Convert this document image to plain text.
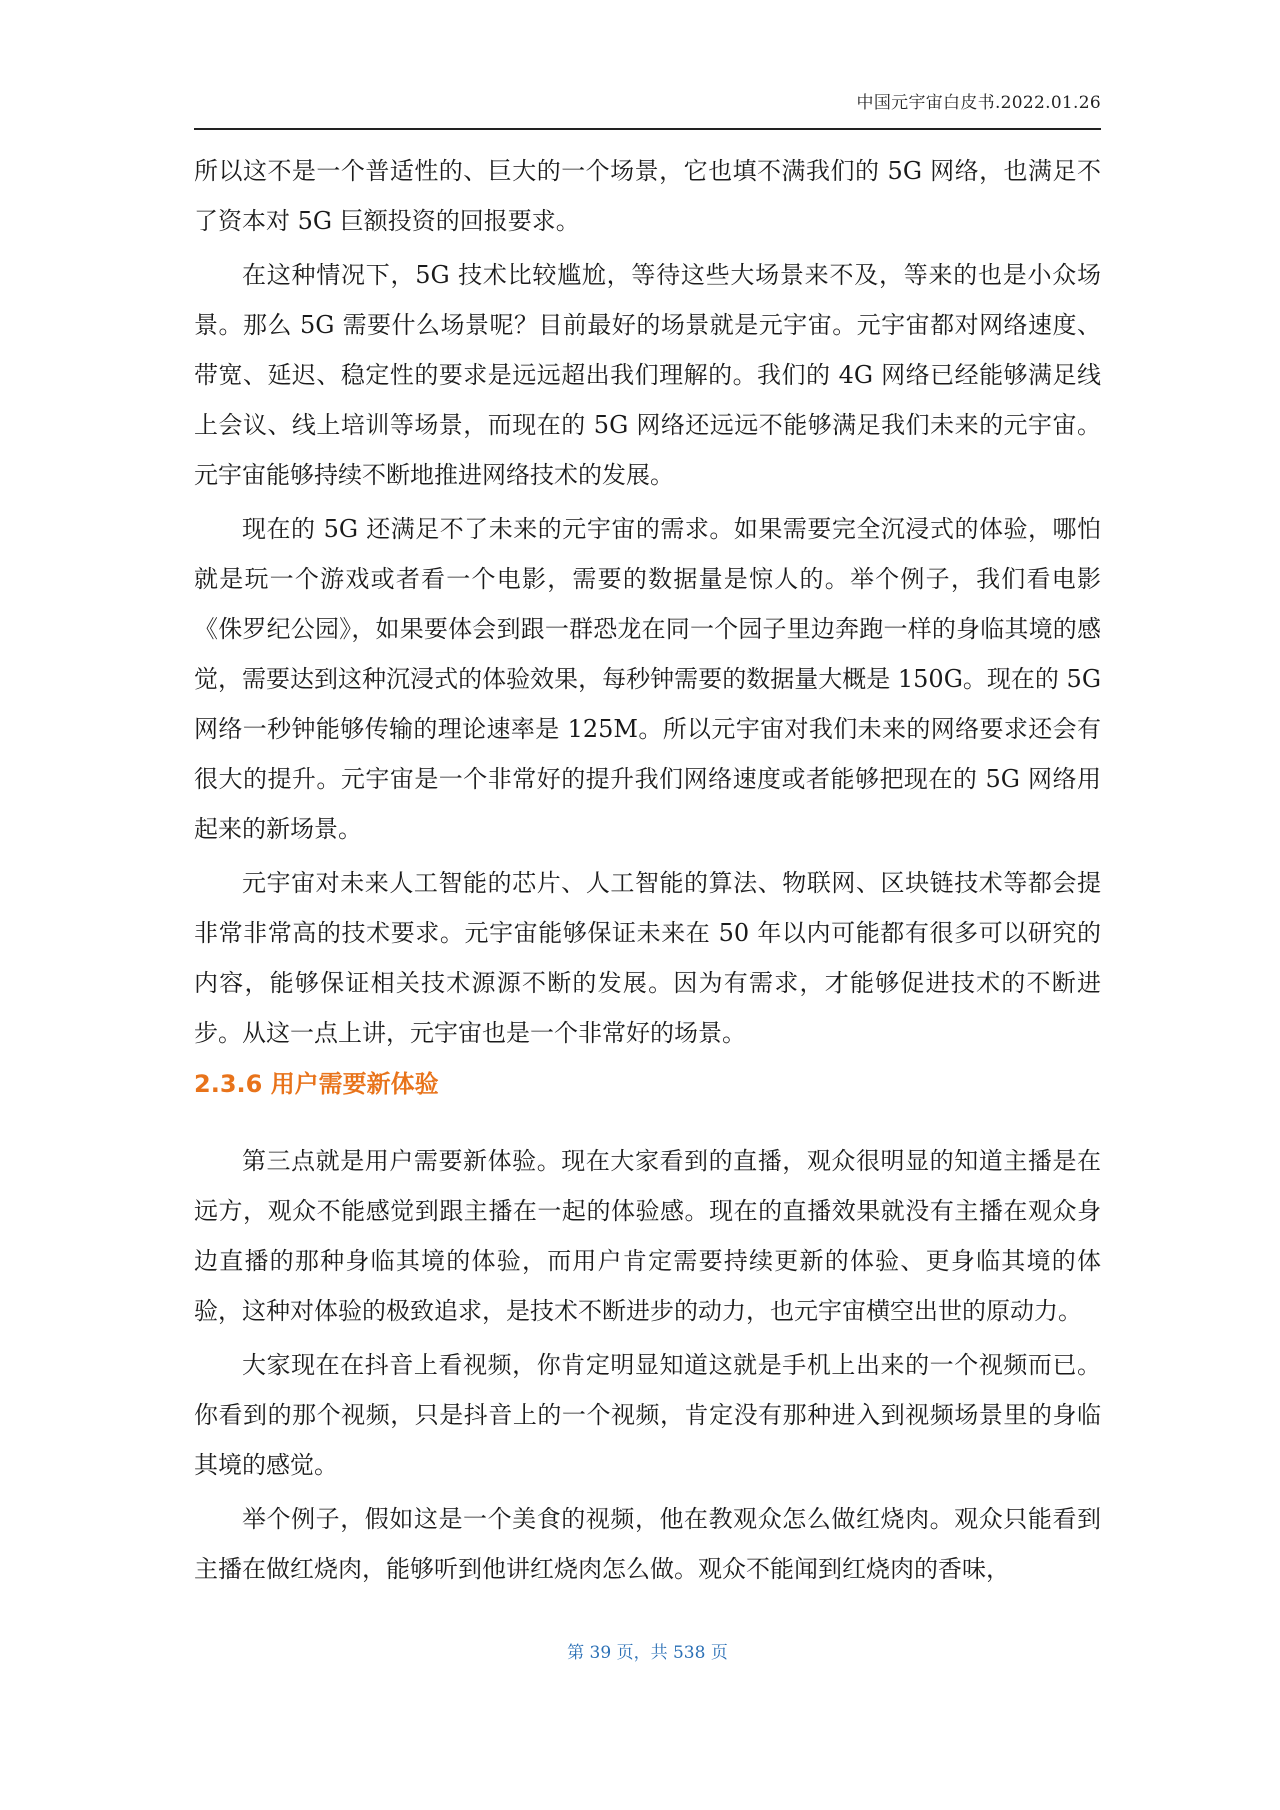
中国元宇宙白皮书.2022.01.26

所以这不是一个普适性的、巨大的一个场景，它也填不满我们的 5G 网络，也满足不了资本对 5G 巨额投资的回报要求。

在这种情况下，5G 技术比较尴尬，等待这些大场景来不及，等来的也是小众场景。那么 5G 需要什么场景呢？目前最好的场景就是元宇宙。元宇宙都对网络速度、带宽、延迟、稳定性的要求是远远超出我们理解的。我们的 4G 网络已经能够满足线上会议、线上培训等场景，而现在的 5G 网络还远远不能够满足我们未来的元宇宙。元宇宙能够持续不断地推进网络技术的发展。

现在的 5G 还满足不了未来的元宇宙的需求。如果需要完全沉浸式的体验，哪怕就是玩一个游戏或者看一个电影，需要的数据量是惊人的。举个例子，我们看电影《侏罗纪公园》，如果要体会到跟一群恐龙在同一个园子里边奔跑一样的身临其境的感觉，需要达到这种沉浸式的体验效果，每秒钟需要的数据量大概是 150G。现在的 5G 网络一秒钟能够传输的理论速率是 125M。所以元宇宙对我们未来的网络要求还会有很大的提升。元宇宙是一个非常好的提升我们网络速度或者能够把现在的 5G 网络用起来的新场景。

元宇宙对未来人工智能的芯片、人工智能的算法、物联网、区块链技术等都会提非常非常高的技术要求。元宇宙能够保证未来在 50 年以内可能都有很多可以研究的内容，能够保证相关技术源源不断的发展。因为有需求，才能够促进技术的不断进步。从这一点上讲，元宇宙也是一个非常好的场景。

2.3.6 用户需要新体验

第三点就是用户需要新体验。现在大家看到的直播，观众很明显的知道主播是在远方，观众不能感觉到跟主播在一起的体验感。现在的直播效果就没有主播在观众身边直播的那种身临其境的体验，而用户肯定需要持续更新的体验、更身临其境的体验，这种对体验的极致追求，是技术不断进步的动力，也元宇宙横空出世的原动力。

大家现在在抖音上看视频，你肯定明显知道这就是手机上出来的一个视频而已。你看到的那个视频，只是抖音上的一个视频，肯定没有那种进入到视频场景里的身临其境的感觉。

举个例子，假如这是一个美食的视频，他在教观众怎么做红烧肉。观众只能看到主播在做红烧肉，能够听到他讲红烧肉怎么做。观众不能闻到红烧肉的香味，

第 39 页，共 538 页
